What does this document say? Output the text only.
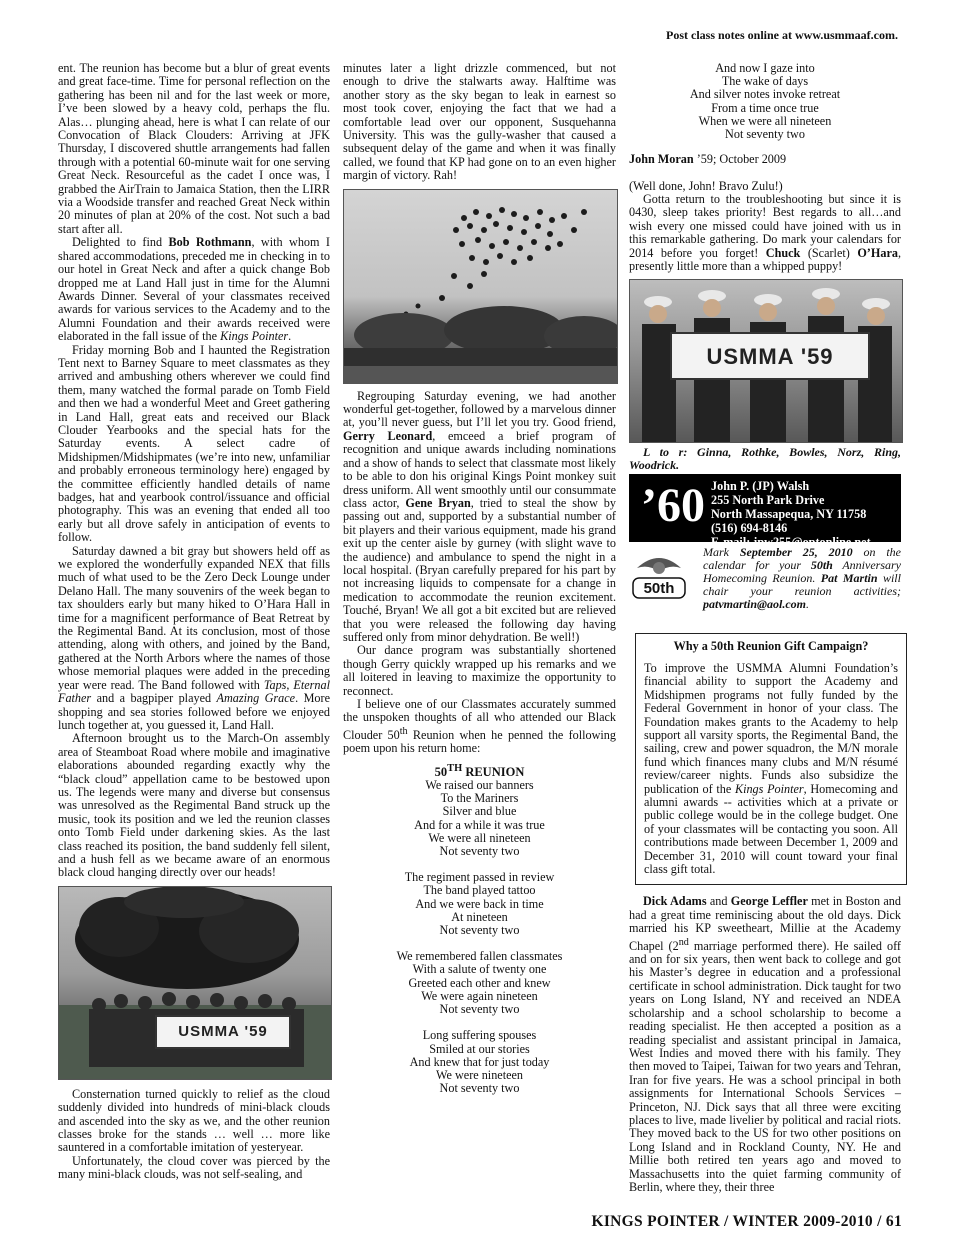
Post class notes online at www.usmmaaf.com.

ent. The reunion has become but a blur of great events and great face-time. Time for personal reflection on the gathering has been nil and for the last week or more, I’ve been slowed by a heavy cold, perhaps the flu. Alas… plunging ahead, here is what I can relate of our Convocation of Black Clouders: Arriving at JFK Thursday, I discovered shuttle arrangements had fallen through with a potential 60-minute wait for one serving Great Neck. Resourceful as the cadet I once was, I grabbed the AirTrain to Jamaica Station, then the LIRR via a Woodside transfer and reached Great Neck within 20 minutes of plan at 20% of the cost. Not such a bad start after all.

Delighted to find Bob Rothmann, with whom I shared accommodations, preceded me in checking in to our hotel in Great Neck and after a quick change Bob dropped me at Land Hall just in time for the Alumni Awards Dinner. Several of your classmates received awards for various services to the Academy and to the Alumni Foundation and their awards received were elaborated in the fall issue of the Kings Pointer.

Friday morning Bob and I haunted the Registration Tent next to Barney Square to meet classmates as they arrived and ambushing others wherever we could find them, many watched the formal parade on Tomb Field and then we had a wonderful Meet and Greet gathering in Land Hall, great eats and received our Black Clouder Yearbooks and the special hats for the Saturday events. A select cadre of Midshipmen/Midshipmates (we’re into new, unfamiliar and probably erroneous terminology here) engaged by the committee efficiently handled details of name badges, hat and yearbook control/issuance and official photography. This was an evening that ended all too early but all drove safely in anticipation of events to follow.

Saturday dawned a bit gray but showers held off as we explored the wonderfully expanded NEX that fills much of what used to be the Zero Deck Lounge under Delano Hall. The many souvenirs of the week began to tax shoulders early but many hiked to O’Hara Hall in time for a magnificent performance of Beat Retreat by the Regimental Band. At its conclusion, most of those attending, along with others, and joined by the Band, gathered at the North Arbors where the names of those whose memorial plaques were added in the preceding year were read. The Band followed with Taps, Eternal Father and a bagpiper played Amazing Grace. More shopping and sea stories followed before we enjoyed lunch together at, you guessed it, Land Hall.

Afternoon brought us to the March-On assembly area of Steamboat Road where mobile and imaginative elaborations abounded regarding exactly why the “black cloud” appellation came to be bestowed upon us. The legends were many and diverse but consensus was unresolved as the Regimental Band struck up the music, took its position and we led the reunion classes onto Tomb Field under darkening skies. As the last class reached its position, the band suddenly fell silent, and a hush fell as we became aware of an enormous black cloud hanging directly over our heads!

USMMA '59

Consternation turned quickly to relief as the cloud suddenly divided into hundreds of mini-black clouds and ascended into the sky as we, and the other reunion classes broke for the stands … well … more like sauntered in a comfortable imitation of yesteryear.

Unfortunately, the cloud cover was pierced by the many mini-black clouds, was not self-sealing, and

minutes later a light drizzle commenced, but not enough to drive the stalwarts away. Halftime was another story as the sky began to leak in earnest so most took cover, enjoying the fact that we had a comfortable lead over our opponent, Susquehanna University. This was the gully-washer that caused a subsequent delay of the game and when it was finally called, we found that KP had gone on to an even higher margin of victory. Rah!

Regrouping Saturday evening, we had another wonderful get-together, followed by a marvelous dinner at, you’ll never guess, but I’ll let you try. Good friend, Gerry Leonard, emceed a brief program of recognition and unique awards including nominations and a show of hands to select that classmate most likely to be able to don his original Kings Point monkey suit dress uniform. All went smoothly until our consummate class actor, Gene Bryan, tried to steal the show by passing out and, supported by a substantial number of bit players and their various equipment, made his grand exit up the center aisle by gurney (with slight wave to the audience) and ambulance to spend the night in a local hospital. (Bryan carefully prepared for his part by not increasing liquids to compensate for a change in medication to accommodate the reunion excitement. Touché, Bryan! We all got a bit excited but are relieved that you were released the following day having suffered only from minor dehydration. Be well!)

Our dance program was substantially shortened though Gerry quickly wrapped up his remarks and we all loitered in leaving to maximize the opportunity to reconnect.

I believe one of our Classmates accurately summed the unspoken thoughts of all who attended our Black Clouder 50th Reunion when he penned the following poem upon his return home:

50TH REUNION
We raised our banners
To the Mariners
Silver and blue
And for a while it was true
We were all nineteen
Not seventy two
The regiment passed in review
The band played tattoo
And we were back in time
At nineteen
Not seventy two
We remembered fallen classmates
With a salute of twenty one
Greeted each other and knew
We were again nineteen
Not seventy two
Long suffering spouses
Smiled at our stories
And knew that for just today
We were nineteen
Not seventy two
And now I gaze into
The wake of days
And silver notes invoke retreat
From a time once true
When we were all nineteen
Not seventy two

John Moran ’59; October 2009

(Well done, John! Bravo Zulu!)

Gotta return to the troubleshooting but since it is 0430, sleep takes priority! Best regards to all…and wish every one missed could have joined with us in this remarkable gathering. Do mark your calendars for 2014 before you forget! Chuck (Scarlet) O’Hara, presently little more than a whipped puppy!

USMMA '59

L to r: Ginna, Rothke, Bowles, Norz, Ring, Woodrick.

’60 John P. (JP) Walsh
255 North Park Drive
North Massapequa, NY 11758
(516) 694-8146
E-mail: jpw255@optonline.net
50th
Mark September 25, 2010 on the calendar for your 50th Anniversary Homecoming Reunion. Pat Martin will chair your reunion activities; patvmartin@aol.com.
Why a 50th Reunion Gift Campaign?

To improve the USMMA Alumni Foundation’s financial ability to support the Academy and Midshipmen programs not fully funded by the Federal Government in honor of your class. The Foundation makes grants to the Academy to help support all varsity sports, the Regimental Band, the sailing, crew and power squadron, the M/N morale fund which finances many clubs and M/N résumé review/career nights. Funds also subsidize the publication of the Kings Pointer, Homecoming and alumni awards -- activities which at a private or public college would be in the college budget. One of your classmates will be contacting you soon. All contributions made between December 1, 2009 and December 31, 2010 will count toward your final class gift total.

Dick Adams and George Leffler met in Boston and had a great time reminiscing about the old days. Dick married his KP sweetheart, Millie at the Academy Chapel (2nd marriage performed there). He sailed off and on for six years, then went back to college and got his Master’s degree in education and a professional certificate in school administration. Dick taught for two years on Long Island, NY and received an NDEA scholarship and a school scholarship to become a reading specialist. He then accepted a position as a reading specialist and assistant principal in Jamaica, West Indies and moved there with his family. They then moved to Taipei, Taiwan for two years and Tehran, Iran for five years. He was a school principal in both assignments for International Schools Services – Princeton, NJ. Dick says that all three were exciting places to live, made livelier by political and racial riots. They moved back to the US for two other positions on Long Island and in Rockland County, NY. He and Millie both retired ten years ago and moved to Massachusetts into the quiet farming community of Berlin, where they, their three

KINGS POINTER / WINTER 2009-2010 / 61
